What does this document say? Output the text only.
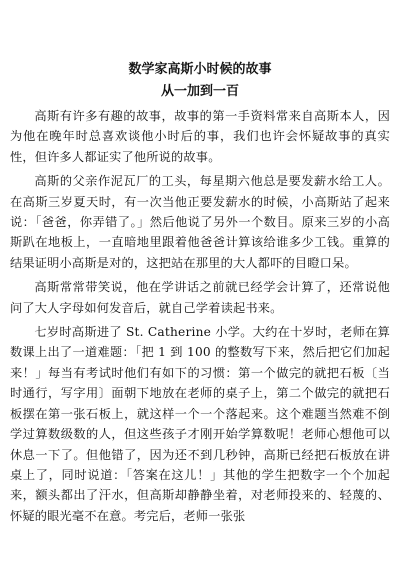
数学家高斯小时候的故事
从一加到一百

高斯有许多有趣的故事，故事的第一手资料常来自高斯本人，因为他在晚年时总喜欢谈他小时后的事，我们也许会怀疑故事的真实性，但许多人都证实了他所说的故事。

高斯的父亲作泥瓦厂的工头，每星期六他总是要发薪水给工人。在高斯三岁夏天时，有一次当他正要发薪水的时候，小高斯站了起来说：「爸爸，你弄错了。」然后他说了另外一个数目。原来三岁的小高斯趴在地板上，一直暗地里跟着他爸爸计算该给谁多少工钱。重算的结果证明小高斯是对的，这把站在那里的大人都吓的目瞪口呆。

高斯常常带笑说，他在学讲话之前就已经学会计算了，还常说他问了大人字母如何发音后，就自己学着读起书来。

七岁时高斯进了 St. Catherine 小学。大约在十岁时，老师在算数课上出了一道难题：「把 1 到 100 的整数写下来，然后把它们加起来！」每当有考试时他们有如下的习惯：第一个做完的就把石板〔当时通行，写字用〕面朝下地放在老师的桌子上，第二个做完的就把石板摆在第一张石板上，就这样一个一个落起来。这个难题当然难不倒学过算数级数的人，但这些孩子才刚开始学算数呢！老师心想他可以休息一下了。但他错了，因为还不到几秒钟，高斯已经把石板放在讲桌上了，同时说道：「答案在这儿！」其他的学生把数字一个个加起来，额头都出了汗水，但高斯却静静坐着，对老师投来的、轻蔑的、怀疑的眼光毫不在意。考完后，老师一张张
